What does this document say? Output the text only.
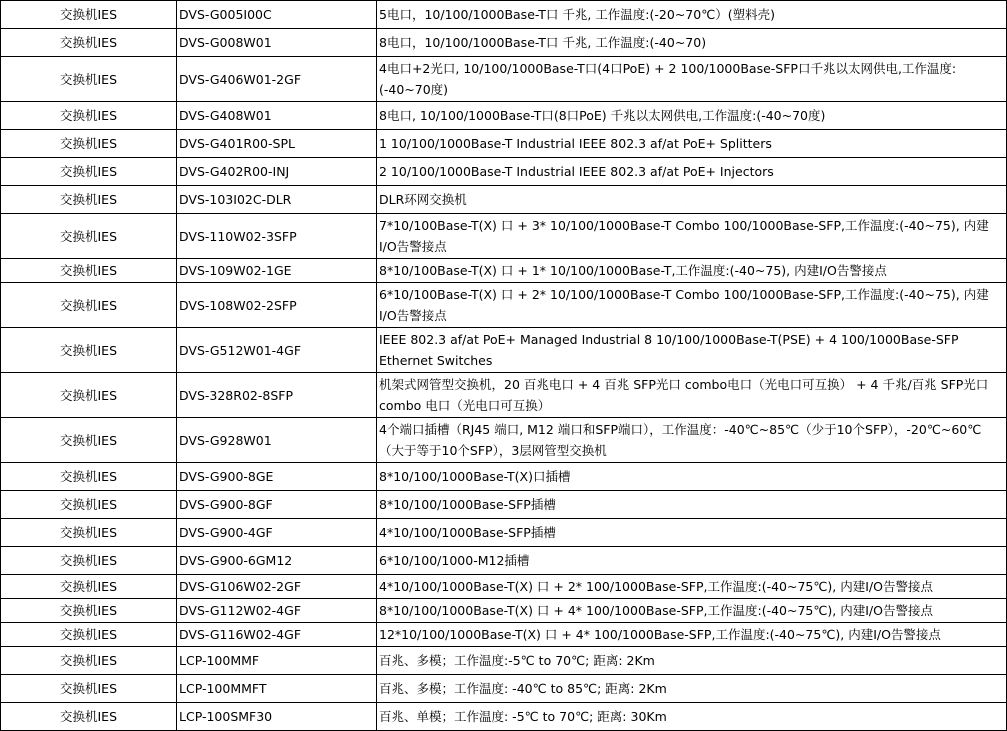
交换机IES	DVS-G005I00C	5电口，10/100/1000Base-T口 千兆, 工作温度:(-20~70℃）(塑料壳)

交换机IES	DVS-G008W01	8电口，10/100/1000Base-T口 千兆, 工作温度:(-40~70)

交换机IES	DVS-G406W01-2GF	4电口+2光口, 10/100/1000Base-T口(4口PoE) + 2 100/1000Base-SFP口千兆以太网供电,工作温度:(-40~70度)

交换机IES	DVS-G408W01	8电口, 10/100/1000Base-T口(8口PoE) 千兆以太网供电,工作温度:(-40~70度)

交换机IES	DVS-G401R00-SPL	1 10/100/1000Base-T Industrial IEEE 802.3 af/at PoE+ Splitters

交换机IES	DVS-G402R00-INJ	2 10/100/1000Base-T Industrial IEEE 802.3 af/at PoE+ Injectors

交换机IES	DVS-103I02C-DLR	DLR环网交换机

交换机IES	DVS-110W02-3SFP	7*10/100Base-T(X) 口 + 3* 10/100/1000Base-T Combo 100/1000Base-SFP,工作温度:(-40~75), 内建I/O告警接点

交换机IES	DVS-109W02-1GE	8*10/100Base-T(X) 口 + 1* 10/100/1000Base-T,工作温度:(-40~75), 内建I/O告警接点

交换机IES	DVS-108W02-2SFP	6*10/100Base-T(X) 口 + 2* 10/100/1000Base-T Combo 100/1000Base-SFP,工作温度:(-40~75), 内建I/O告警接点

交换机IES	DVS-G512W01-4GF	IEEE 802.3 af/at PoE+ Managed Industrial 8 10/100/1000Base-T(PSE) + 4 100/1000Base-SFP Ethernet Switches

交换机IES	DVS-328R02-8SFP	机架式网管型交换机，20 百兆电口 + 4 百兆 SFP光口 combo电口（光电口可互换） + 4 千兆/百兆 SFP光口 combo 电口（光电口可互换）

交换机IES	DVS-G928W01	4个端口插槽（RJ45 端口, M12 端口和SFP端口），工作温度：-40℃~85℃（少于10个SFP），-20℃~60℃（大于等于10个SFP），3层网管型交换机

交换机IES	DVS-G900-8GE	8*10/100/1000Base-T(X)口插槽

交换机IES	DVS-G900-8GF	8*10/100/1000Base-SFP插槽

交换机IES	DVS-G900-4GF	4*10/100/1000Base-SFP插槽

交换机IES	DVS-G900-6GM12	6*10/100/1000-M12插槽

交换机IES	DVS-G106W02-2GF	4*10/100/1000Base-T(X) 口 + 2* 100/1000Base-SFP,工作温度:(-40~75℃), 内建I/O告警接点

交换机IES	DVS-G112W02-4GF	8*10/100/1000Base-T(X) 口 + 4* 100/1000Base-SFP,工作温度:(-40~75℃), 内建I/O告警接点

交换机IES	DVS-G116W02-4GF	12*10/100/1000Base-T(X) 口 + 4* 100/1000Base-SFP,工作温度:(-40~75℃), 内建I/O告警接点

交换机IES	LCP-100MMF	百兆、多模；工作温度:-5℃ to 70℃; 距离: 2Km

交换机IES	LCP-100MMFT	百兆、多模；工作温度: -40℃ to 85℃; 距离: 2Km

交换机IES	LCP-100SMF30	百兆、单模；工作温度: -5℃ to 70℃; 距离: 30Km
